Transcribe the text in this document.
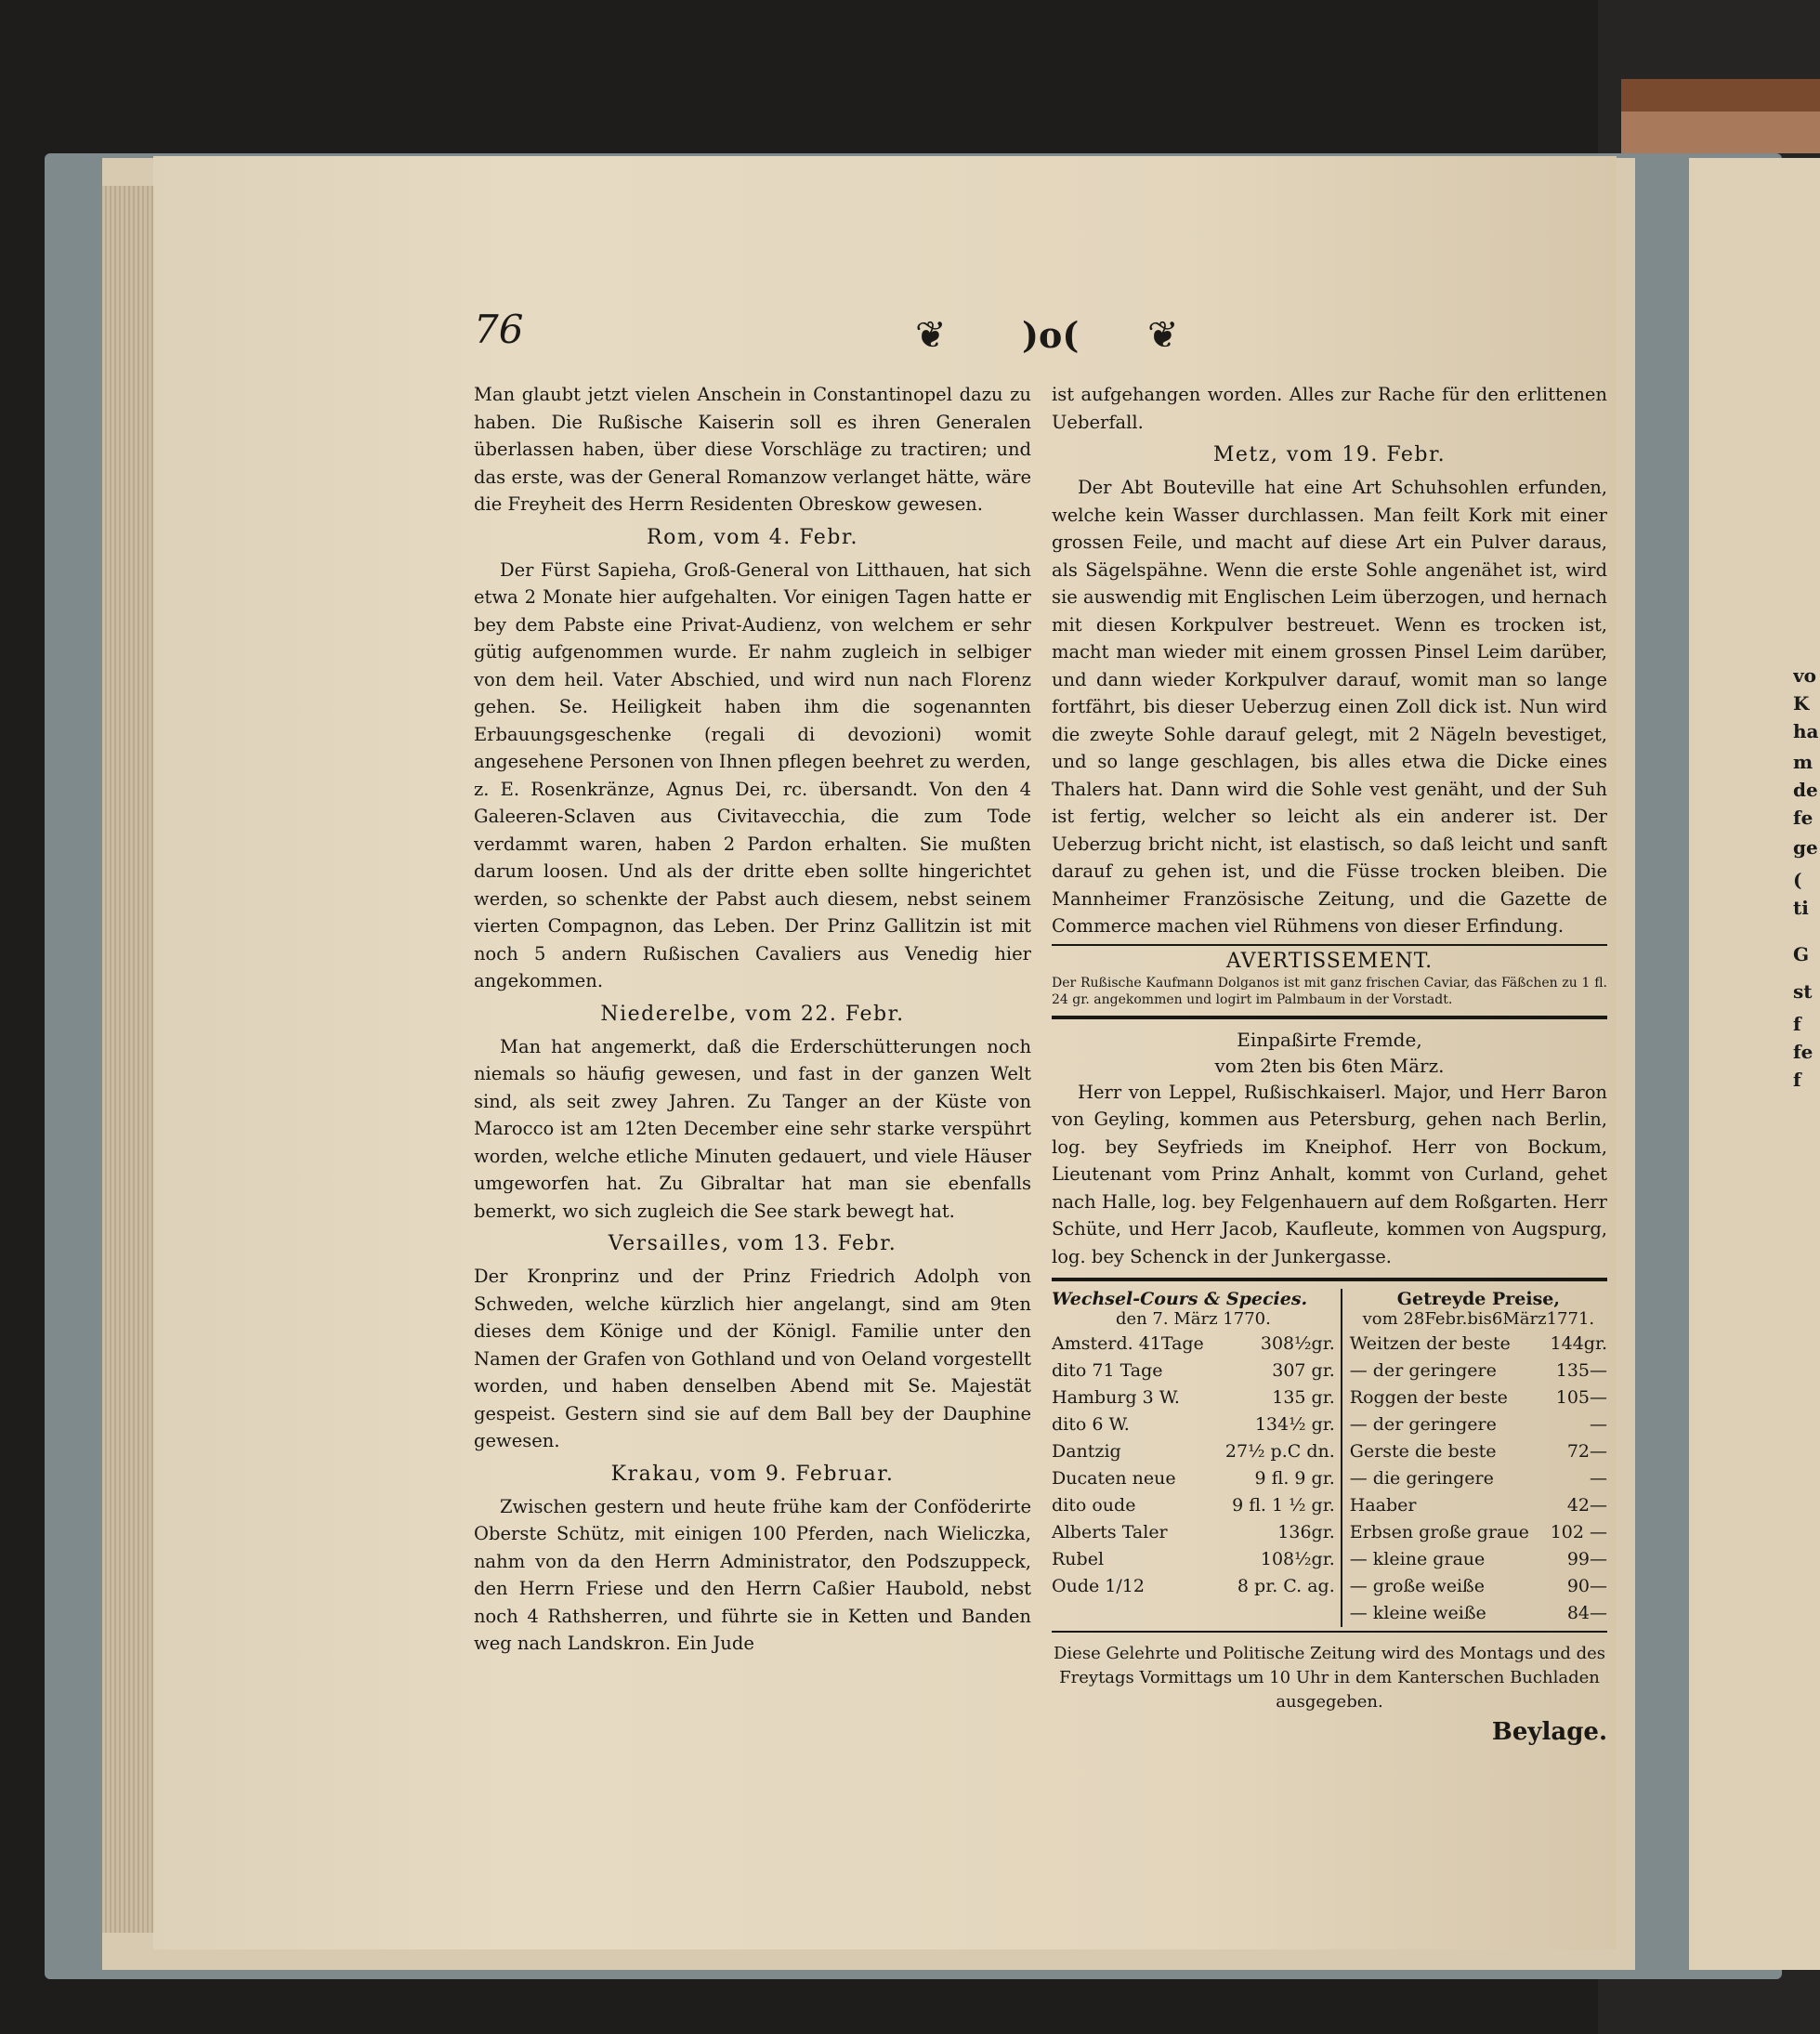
vo
K
ha
m
de
fe
ge
(
ti
G
st
f
fe
f
76	❦ )o( ❦

Man glaubt jetzt vielen Anschein in Constantinopel dazu zu haben. Die Rußische Kaiserin soll es ihren Generalen überlassen haben, über diese Vorschläge zu tractiren; und das erste, was der General Romanzow verlanget hätte, wäre die Freyheit des Herrn Residenten Obreskow gewesen.

Rom, vom 4. Febr.

Der Fürst Sapieha, Groß-General von Litthauen, hat sich etwa 2 Monate hier aufgehalten. Vor einigen Tagen hatte er bey dem Pabste eine Privat-Audienz, von welchem er sehr gütig aufgenommen wurde. Er nahm zugleich in selbiger von dem heil. Vater Abschied, und wird nun nach Florenz gehen. Se. Heiligkeit haben ihm die sogenannten Erbauungsgeschenke (regali di devozioni) womit angesehene Personen von Ihnen pflegen beehret zu werden, z. E. Rosenkränze, Agnus Dei, rc. übersandt. Von den 4 Galeeren-Sclaven aus Civitavecchia, die zum Tode verdammt waren, haben 2 Pardon erhalten. Sie mußten darum loosen. Und als der dritte eben sollte hingerichtet werden, so schenkte der Pabst auch diesem, nebst seinem vierten Compagnon, das Leben. Der Prinz Gallitzin ist mit noch 5 andern Rußischen Cavaliers aus Venedig hier angekommen.

Niederelbe, vom 22. Febr.

Man hat angemerkt, daß die Erderschütterungen noch niemals so häufig gewesen, und fast in der ganzen Welt sind, als seit zwey Jahren. Zu Tanger an der Küste von Marocco ist am 12ten December eine sehr starke verspührt worden, welche etliche Minuten gedauert, und viele Häuser umgeworfen hat. Zu Gibraltar hat man sie ebenfalls bemerkt, wo sich zugleich die See stark bewegt hat.

Versailles, vom 13. Febr.

Der Kronprinz und der Prinz Friedrich Adolph von Schweden, welche kürzlich hier angelangt, sind am 9ten dieses dem Könige und der Königl. Familie unter den Namen der Grafen von Gothland und von Oeland vorgestellt worden, und haben denselben Abend mit Se. Majestät gespeist. Gestern sind sie auf dem Ball bey der Dauphine gewesen.

Krakau, vom 9. Februar.

Zwischen gestern und heute frühe kam der Conföderirte Oberste Schütz, mit einigen 100 Pferden, nach Wieliczka, nahm von da den Herrn Administrator, den Podszuppeck, den Herrn Friese und den Herrn Caßier Haubold, nebst noch 4 Rathsherren, und führte sie in Ketten und Banden weg nach Landskron. Ein Jude

ist aufgehangen worden. Alles zur Rache für den erlittenen Ueberfall.

Metz, vom 19. Febr.

Der Abt Bouteville hat eine Art Schuhsohlen erfunden, welche kein Wasser durchlassen. Man feilt Kork mit einer grossen Feile, und macht auf diese Art ein Pulver daraus, als Sägelspähne. Wenn die erste Sohle angenähet ist, wird sie auswendig mit Englischen Leim überzogen, und hernach mit diesen Korkpulver bestreuet. Wenn es trocken ist, macht man wieder mit einem grossen Pinsel Leim darüber, und dann wieder Korkpulver darauf, womit man so lange fortfährt, bis dieser Ueberzug einen Zoll dick ist. Nun wird die zweyte Sohle darauf gelegt, mit 2 Nägeln bevestiget, und so lange geschlagen, bis alles etwa die Dicke eines Thalers hat. Dann wird die Sohle vest genäht, und der Suh ist fertig, welcher so leicht als ein anderer ist. Der Ueberzug bricht nicht, ist elastisch, so daß leicht und sanft darauf zu gehen ist, und die Füsse trocken bleiben. Die Mannheimer Französische Zeitung, und die Gazette de Commerce machen viel Rühmens von dieser Erfindung.

AVERTISSEMENT.

Der Rußische Kaufmann Dolganos ist mit ganz frischen Caviar, das Fäßchen zu 1 fl. 24 gr. angekommen und logirt im Palmbaum in der Vorstadt.

Einpaßirte Fremde,

vom 2ten bis 6ten März.

Herr von Leppel, Rußischkaiserl. Major, und Herr Baron von Geyling, kommen aus Petersburg, gehen nach Berlin, log. bey Seyfrieds im Kneiphof. Herr von Bockum, Lieutenant vom Prinz Anhalt, kommt von Curland, gehet nach Halle, log. bey Felgenhauern auf dem Roßgarten. Herr Schüte, und Herr Jacob, Kaufleute, kommen von Augspurg, log. bey Schenck in der Junkergasse.

Wechsel-Cours & Species.

den 7. März 1770.

Amsterd. 41Tage	308½gr.
dito 71 Tage	307 gr.
Hamburg 3 W.	135 gr.
dito 6 W.	134½ gr.
Dantzig	27½ p.C dn.
Ducaten neue	9 fl. 9 gr.
dito oude	9 fl. 1 ½ gr.
Alberts Taler	136gr.
Rubel	108½gr.
Oude 1/12	8 pr. C. ag.

Getreyde Preise,

vom 28Febr.bis6März1771.

Weitzen der beste	144gr.
— der geringere	135—
Roggen der beste	105—
— der geringere	—
Gerste die beste	72—
— die geringere	—
Haaber	42—
Erbsen große graue	102 —
— kleine graue	99—
— große weiße	90—
— kleine weiße	84—

Diese Gelehrte und Politische Zeitung wird des Montags und des Freytags Vormittags um 10 Uhr in dem Kanterschen Buchladen ausgegeben.

Beylage.
